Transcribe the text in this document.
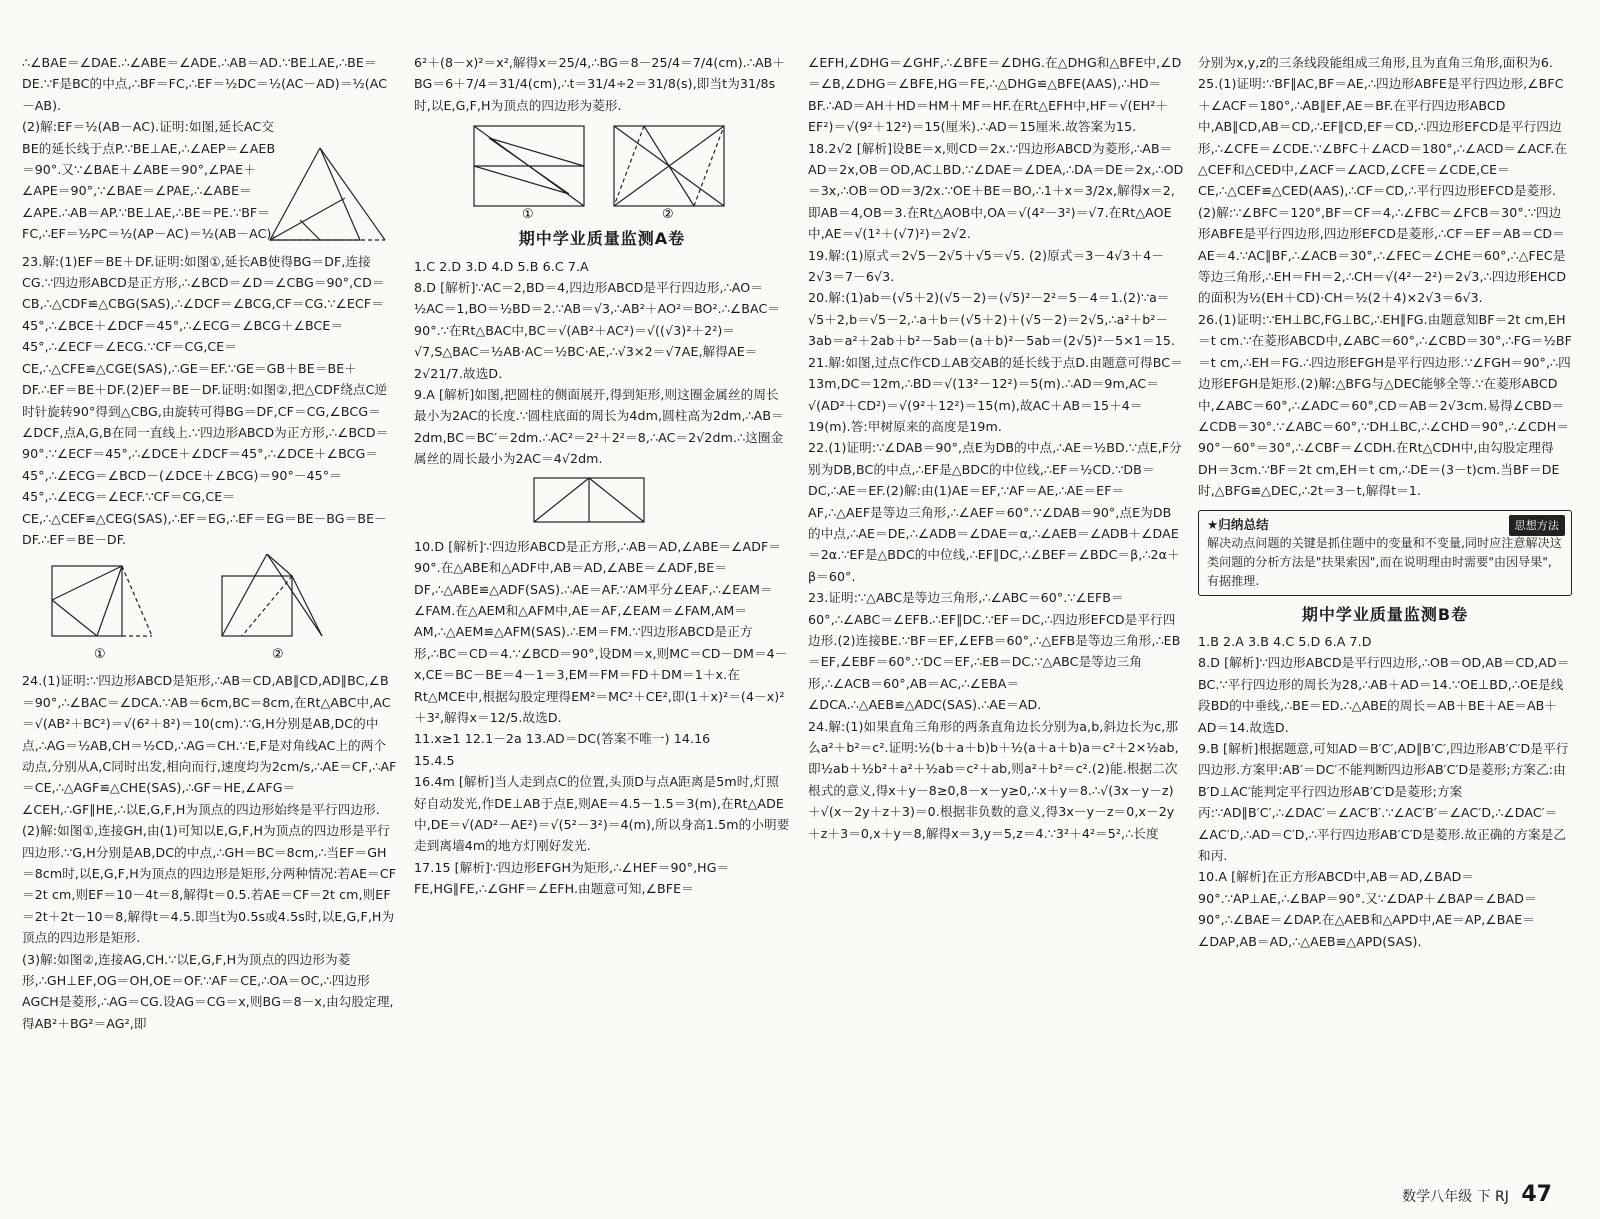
∴∠BAE＝∠DAE.∴∠ABE＝∠ADE.∴AB＝AD.∵BE⊥AE,∴BE＝DE.∵F是BC的中点,∴BF＝FC,∴EF＝½DC＝½(AC－AD)＝½(AC－AB).

(2)解:EF＝½(AB－AC).证明:如图,延长AC交BE的延长线于点P.∵BE⊥AE,∴∠AEP＝∠AEB＝90°.又∵∠BAE＋∠ABE＝90°,∠PAE＋∠APE＝90°,∵∠BAE＝∠PAE,∴∠ABE＝∠APE.∴AB＝AP.∵BE⊥AE,∴BE＝PE.∵BF＝FC,∴EF＝½PC＝½(AP－AC)＝½(AB－AC).

23.解:(1)EF＝BE＋DF.证明:如图①,延长AB使得BG＝DF,连接CG.∵四边形ABCD是正方形,∴∠BCD＝∠D＝∠CBG＝90°,CD＝CB,∴△CDF≌△CBG(SAS),∴∠DCF＝∠BCG,CF＝CG.∵∠ECF＝45°,∴∠BCE＋∠DCF＝45°,∴∠ECG＝∠BCG＋∠BCE＝45°,∴∠ECF＝∠ECG.∵CF＝CG,CE＝CE,∴△CFE≌△CGE(SAS),∴GE＝EF.∵GE＝GB＋BE＝BE＋DF.∴EF＝BE＋DF.(2)EF＝BE－DF.证明:如图②,把△CDF绕点C逆时针旋转90°得到△CBG,由旋转可得BG＝DF,CF＝CG,∠BCG＝∠DCF,点A,G,B在同一直线上.∵四边形ABCD为正方形,∴∠BCD＝90°.∵∠ECF＝45°,∴∠DCE＋∠DCF＝45°,∴∠DCE＋∠BCG＝45°,∴∠ECG＝∠BCD－(∠DCE＋∠BCG)＝90°－45°＝45°,∴∠ECG＝∠ECF.∵CF＝CG,CE＝CE,∴△CEF≌△CEG(SAS),∴EF＝EG,∴EF＝EG＝BE－BG＝BE－DF.∴EF＝BE－DF.

①	②

24.(1)证明:∵四边形ABCD是矩形,∴AB＝CD,AB∥CD,AD∥BC,∠B＝90°,∴∠BAC＝∠DCA.∵AB＝6cm,BC＝8cm,在Rt△ABC中,AC＝√(AB²＋BC²)＝√(6²＋8²)＝10(cm).∵G,H分别是AB,DC的中点,∴AG＝½AB,CH＝½CD,∴AG＝CH.∵E,F是对角线AC上的两个动点,分别从A,C同时出发,相向而行,速度均为2cm/s,∴AE＝CF,∴AF＝CE,∴△AGF≌△CHE(SAS),∴GF＝HE,∠AFG＝∠CEH,∴GF∥HE,∴以E,G,F,H为顶点的四边形始终是平行四边形.(2)解:如图①,连接GH,由(1)可知以E,G,F,H为顶点的四边形是平行四边形.∵G,H分别是AB,DC的中点,∴GH＝BC＝8cm,∴当EF＝GH＝8cm时,以E,G,F,H为顶点的四边形是矩形,分两种情况:若AE＝CF＝2t cm,则EF＝10－4t＝8,解得t＝0.5.若AE＝CF＝2t cm,则EF＝2t＋2t－10＝8,解得t＝4.5.即当t为0.5s或4.5s时,以E,G,F,H为顶点的四边形是矩形.

(3)解:如图②,连接AG,CH.∵以E,G,F,H为顶点的四边形为菱形,∴GH⊥EF,OG＝OH,OE＝OF.∵AF＝CE,∴OA＝OC,∴四边形AGCH是菱形,∴AG＝CG.设AG＝CG＝x,则BG＝8－x,由勾股定理,得AB²＋BG²＝AG²,即

6²＋(8－x)²＝x²,解得x＝25/4,∴BG＝8－25/4＝7/4(cm).∴AB＋BG＝6＋7/4＝31/4(cm),∴t＝31/4÷2＝31/8(s),即当t为31/8s时,以E,G,F,H为顶点的四边形为菱形.

①	②
期中学业质量监测A卷

1.C 2.D 3.D 4.D 5.B 6.C 7.A

8.D [解析]∵AC＝2,BD＝4,四边形ABCD是平行四边形,∴AO＝½AC＝1,BO＝½BD＝2.∵AB＝√3,∴AB²＋AO²＝BO².∴∠BAC＝90°.∵在Rt△BAC中,BC＝√(AB²＋AC²)＝√((√3)²＋2²)＝√7,S△BAC＝½AB·AC＝½BC·AE,∴√3×2＝√7AE,解得AE＝2√21/7.故选D.

9.A [解析]如图,把圆柱的侧面展开,得到矩形,则这圈金属丝的周长最小为2AC的长度.∵圆柱底面的周长为4dm,圆柱高为2dm,∴AB＝2dm,BC＝BC′＝2dm.∴AC²＝2²＋2²＝8,∴AC＝2√2dm.∴这圈金属丝的周长最小为2AC＝4√2dm.

10.D [解析]∵四边形ABCD是正方形,∴AB＝AD,∠ABE＝∠ADF＝90°.在△ABE和△ADF中,AB＝AD,∠ABE＝∠ADF,BE＝DF,∴△ABE≌△ADF(SAS).∴AE＝AF.∵AM平分∠EAF,∴∠EAM＝∠FAM.在△AEM和△AFM中,AE＝AF,∠EAM＝∠FAM,AM＝AM,∴△AEM≌△AFM(SAS).∴EM＝FM.∵四边形ABCD是正方形,∴BC＝CD＝4.∵∠BCD＝90°,设DM＝x,则MC＝CD－DM＝4－x,CE＝BC－BE＝4－1＝3,EM＝FM＝FD＋DM＝1＋x.在Rt△MCE中,根据勾股定理得EM²＝MC²＋CE²,即(1＋x)²＝(4－x)²＋3²,解得x＝12/5.故选D.

11.x≥1 12.1－2a 13.AD＝DC(答案不唯一) 14.16

15.4.5

16.4m [解析]当人走到点C的位置,头顶D与点A距离是5m时,灯照好自动发光,作DE⊥AB于点E,则AE＝4.5－1.5＝3(m),在Rt△ADE中,DE＝√(AD²－AE²)＝√(5²－3²)＝4(m),所以身高1.5m的小明要走到离墙4m的地方灯刚好发光.

17.15 [解析]∵四边形EFGH为矩形,∴∠HEF＝90°,HG＝FE,HG∥FE,∴∠GHF＝∠EFH.由题意可知,∠BFE＝

∠EFH,∠DHG＝∠GHF,∴∠BFE＝∠DHG.在△DHG和△BFE中,∠D＝∠B,∠DHG＝∠BFE,HG＝FE,∴△DHG≌△BFE(AAS),∴HD＝BF.∴AD＝AH＋HD＝HM＋MF＝HF.在Rt△EFH中,HF＝√(EH²＋EF²)＝√(9²＋12²)＝15(厘米).∴AD＝15厘米.故答案为15.

18.2√2 [解析]设BE＝x,则CD＝2x.∵四边形ABCD为菱形,∴AB＝AD＝2x,OB＝OD,AC⊥BD.∵∠DAE＝∠DEA,∴DA＝DE＝2x,∴OD＝3x,∴OB＝OD＝3/2x.∵OE＋BE＝BO,∴1＋x＝3/2x,解得x＝2,即AB＝4,OB＝3.在Rt△AOB中,OA＝√(4²－3²)＝√7.在Rt△AOE中,AE＝√(1²＋(√7)²)＝2√2.

19.解:(1)原式＝2√5－2√5＋√5＝√5. (2)原式＝3－4√3＋4－2√3＝7－6√3.

20.解:(1)ab＝(√5＋2)(√5－2)＝(√5)²－2²＝5－4＝1.(2)∵a＝√5＋2,b＝√5－2,∴a＋b＝(√5＋2)＋(√5－2)＝2√5,∴a²＋b²－3ab＝a²＋2ab＋b²－5ab＝(a＋b)²－5ab＝(2√5)²－5×1＝15.

21.解:如图,过点C作CD⊥AB交AB的延长线于点D.由题意可得BC＝13m,DC＝12m,∴BD＝√(13²－12²)＝5(m).∴AD＝9m,AC＝√(AD²＋CD²)＝√(9²＋12²)＝15(m),故AC＋AB＝15＋4＝19(m).答:甲树原来的高度是19m.

22.(1)证明:∵∠DAB＝90°,点E为DB的中点,∴AE＝½BD.∵点E,F分别为DB,BC的中点,∴EF是△BDC的中位线,∴EF＝½CD.∵DB＝DC,∴AE＝EF.(2)解:由(1)AE＝EF,∵AF＝AE,∴AE＝EF＝AF,∴△AEF是等边三角形,∴∠AEF＝60°.∵∠DAB＝90°,点E为DB的中点,∴AE＝DE,∴∠ADB＝∠DAE＝α,∴∠AEB＝∠ADB＋∠DAE＝2α.∵EF是△BDC的中位线,∴EF∥DC,∴∠BEF＝∠BDC＝β,∴2α＋β＝60°.

23.证明:∵△ABC是等边三角形,∴∠ABC＝60°.∵∠EFB＝60°,∴∠ABC＝∠EFB.∴EF∥DC.∵EF＝DC,∴四边形EFCD是平行四边形.(2)连接BE.∵BF＝EF,∠EFB＝60°,∴△EFB是等边三角形,∴EB＝EF,∠EBF＝60°.∵DC＝EF,∴EB＝DC.∵△ABC是等边三角形,∴∠ACB＝60°,AB＝AC,∴∠EBA＝∠DCA.∴△AEB≌△ADC(SAS).∴AE＝AD.

24.解:(1)如果直角三角形的两条直角边长分别为a,b,斜边长为c,那么a²＋b²＝c².证明:½(b＋a＋b)b＋½(a＋a＋b)a＝c²＋2×½ab,即½ab＋½b²＋a²＋½ab＝c²＋ab,则a²＋b²＝c².(2)能.根据二次根式的意义,得x＋y－8≥0,8－x－y≥0,∴x＋y＝8.∴√(3x－y－z)＋√(x－2y＋z＋3)＝0.根据非负数的意义,得3x－y－z＝0,x－2y＋z＋3＝0,x＋y＝8,解得x＝3,y＝5,z＝4.∵3²＋4²＝5²,∴长度

分别为x,y,z的三条线段能组成三角形,且为直角三角形,面积为6.

25.(1)证明:∵BF∥AC,BF＝AE,∴四边形ABFE是平行四边形,∠BFC＋∠ACF＝180°,∴AB∥EF,AE＝BF.在平行四边形ABCD中,AB∥CD,AB＝CD,∴EF∥CD,EF＝CD,∴四边形EFCD是平行四边形,∴∠CFE＝∠CDE.∵∠BFC＋∠ACD＝180°,∴∠ACD＝∠ACF.在△CEF和△CED中,∠ACF＝∠ACD,∠CFE＝∠CDE,CE＝CE,∴△CEF≌△CED(AAS),∴CF＝CD,∴平行四边形EFCD是菱形.(2)解:∵∠BFC＝120°,BF＝CF＝4,∴∠FBC＝∠FCB＝30°.∵四边形ABFE是平行四边形,四边形EFCD是菱形,∴CF＝EF＝AB＝CD＝AE＝4.∵AC∥BF,∴∠ACB＝30°,∴∠FEC＝∠CHE＝60°,∴△FEC是等边三角形,∴EH＝FH＝2,∴CH＝√(4²－2²)＝2√3,∴四边形EHCD的面积为½(EH＋CD)·CH＝½(2＋4)×2√3＝6√3.

26.(1)证明:∵EH⊥BC,FG⊥BC,∴EH∥FG.由题意知BF＝2t cm,EH＝t cm.∵在菱形ABCD中,∠ABC＝60°,∴∠CBD＝30°,∴FG＝½BF＝t cm,∴EH＝FG.∴四边形EFGH是平行四边形.∵∠FGH＝90°,∴四边形EFGH是矩形.(2)解:△BFG与△DEC能够全等.∵在菱形ABCD中,∠ABC＝60°,∴∠ADC＝60°,CD＝AB＝2√3cm.易得∠CBD＝∠CDB＝30°.∵∠ABC＝60°,∵DH⊥BC,∴∠CHD＝90°,∴∠CDH＝90°－60°＝30°,∴∠CBF＝∠CDH.在Rt△CDH中,由勾股定理得DH＝3cm.∵BF＝2t cm,EH＝t cm,∴DE＝(3－t)cm.当BF＝DE时,△BFG≌△DEC,∴2t＝3－t,解得t＝1.

思想方法
★归纳总结
解决动点问题的关键是抓住题中的变量和不变量,同时应注意解决这类问题的分析方法是"扶果索因",而在说明理由时需要"由因导果",有据推理.
期中学业质量监测B卷

1.B 2.A 3.B 4.C 5.D 6.A 7.D

8.D [解析]∵四边形ABCD是平行四边形,∴OB＝OD,AB＝CD,AD＝BC.∵平行四边形的周长为28,∴AB＋AD＝14.∵OE⊥BD,∴OE是线段BD的中垂线,∴BE＝ED.∴△ABE的周长＝AB＋BE＋AE＝AB＋AD＝14.故选D.

9.B [解析]根据题意,可知AD＝B′C′,AD∥B′C′,四边形AB′C′D是平行四边形.方案甲:AB′＝DC′不能判断四边形AB′C′D是菱形;方案乙:由B′D⊥AC′能判定平行四边形AB′C′D是菱形;方案丙:∵AD∥B′C′,∴∠DAC′＝∠AC′B′.∵∠AC′B′＝∠AC′D,∴∠DAC′＝∠AC′D,∴AD＝C′D,∴平行四边形AB′C′D是菱形.故正确的方案是乙和丙.

10.A [解析]在正方形ABCD中,AB＝AD,∠BAD＝90°.∵AP⊥AE,∴∠BAP＝90°.又∵∠DAP＋∠BAP＝∠BAD＝90°,∴∠BAE＝∠DAP.在△AEB和△APD中,AE＝AP,∠BAE＝∠DAP,AB＝AD,∴△AEB≌△APD(SAS).

数学八年级 下 RJ 47
